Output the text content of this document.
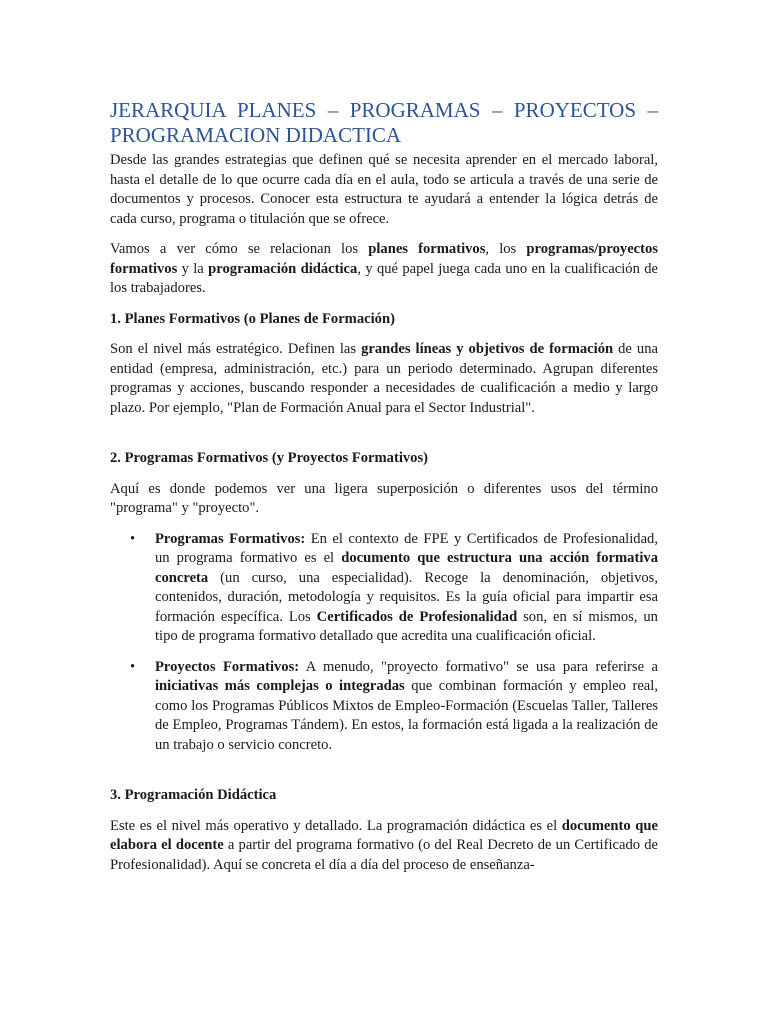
JERARQUIA PLANES – PROGRAMAS – PROYECTOS –
PROGRAMACION DIDACTICA

Desde las grandes estrategias que definen qué se necesita aprender en el mercado laboral, hasta el detalle de lo que ocurre cada día en el aula, todo se articula a través de una serie de documentos y procesos. Conocer esta estructura te ayudará a entender la lógica detrás de cada curso, programa o titulación que se ofrece.

Vamos a ver cómo se relacionan los planes formativos, los programas/proyectos formativos y la programación didáctica, y qué papel juega cada uno en la cualificación de los trabajadores.

1. Planes Formativos (o Planes de Formación)

Son el nivel más estratégico. Definen las grandes líneas y objetivos de formación de una entidad (empresa, administración, etc.) para un periodo determinado. Agrupan diferentes programas y acciones, buscando responder a necesidades de cualificación a medio y largo plazo. Por ejemplo, "Plan de Formación Anual para el Sector Industrial".

2. Programas Formativos (y Proyectos Formativos)

Aquí es donde podemos ver una ligera superposición o diferentes usos del término "programa" y "proyecto".

• Programas Formativos: En el contexto de FPE y Certificados de Profesionalidad, un programa formativo es el documento que estructura una acción formativa concreta (un curso, una especialidad). Recoge la denominación, objetivos, contenidos, duración, metodología y requisitos. Es la guía oficial para impartir esa formación específica. Los Certificados de Profesionalidad son, en sí mismos, un tipo de programa formativo detallado que acredita una cualificación oficial.
• Proyectos Formativos: A menudo, "proyecto formativo" se usa para referirse a iniciativas más complejas o integradas que combinan formación y empleo real, como los Programas Públicos Mixtos de Empleo-Formación (Escuelas Taller, Talleres de Empleo, Programas Tándem). En estos, la formación está ligada a la realización de un trabajo o servicio concreto.
3. Programación Didáctica

Este es el nivel más operativo y detallado. La programación didáctica es el documento que elabora el docente a partir del programa formativo (o del Real Decreto de un Certificado de Profesionalidad). Aquí se concreta el día a día del proceso de enseñanza-
